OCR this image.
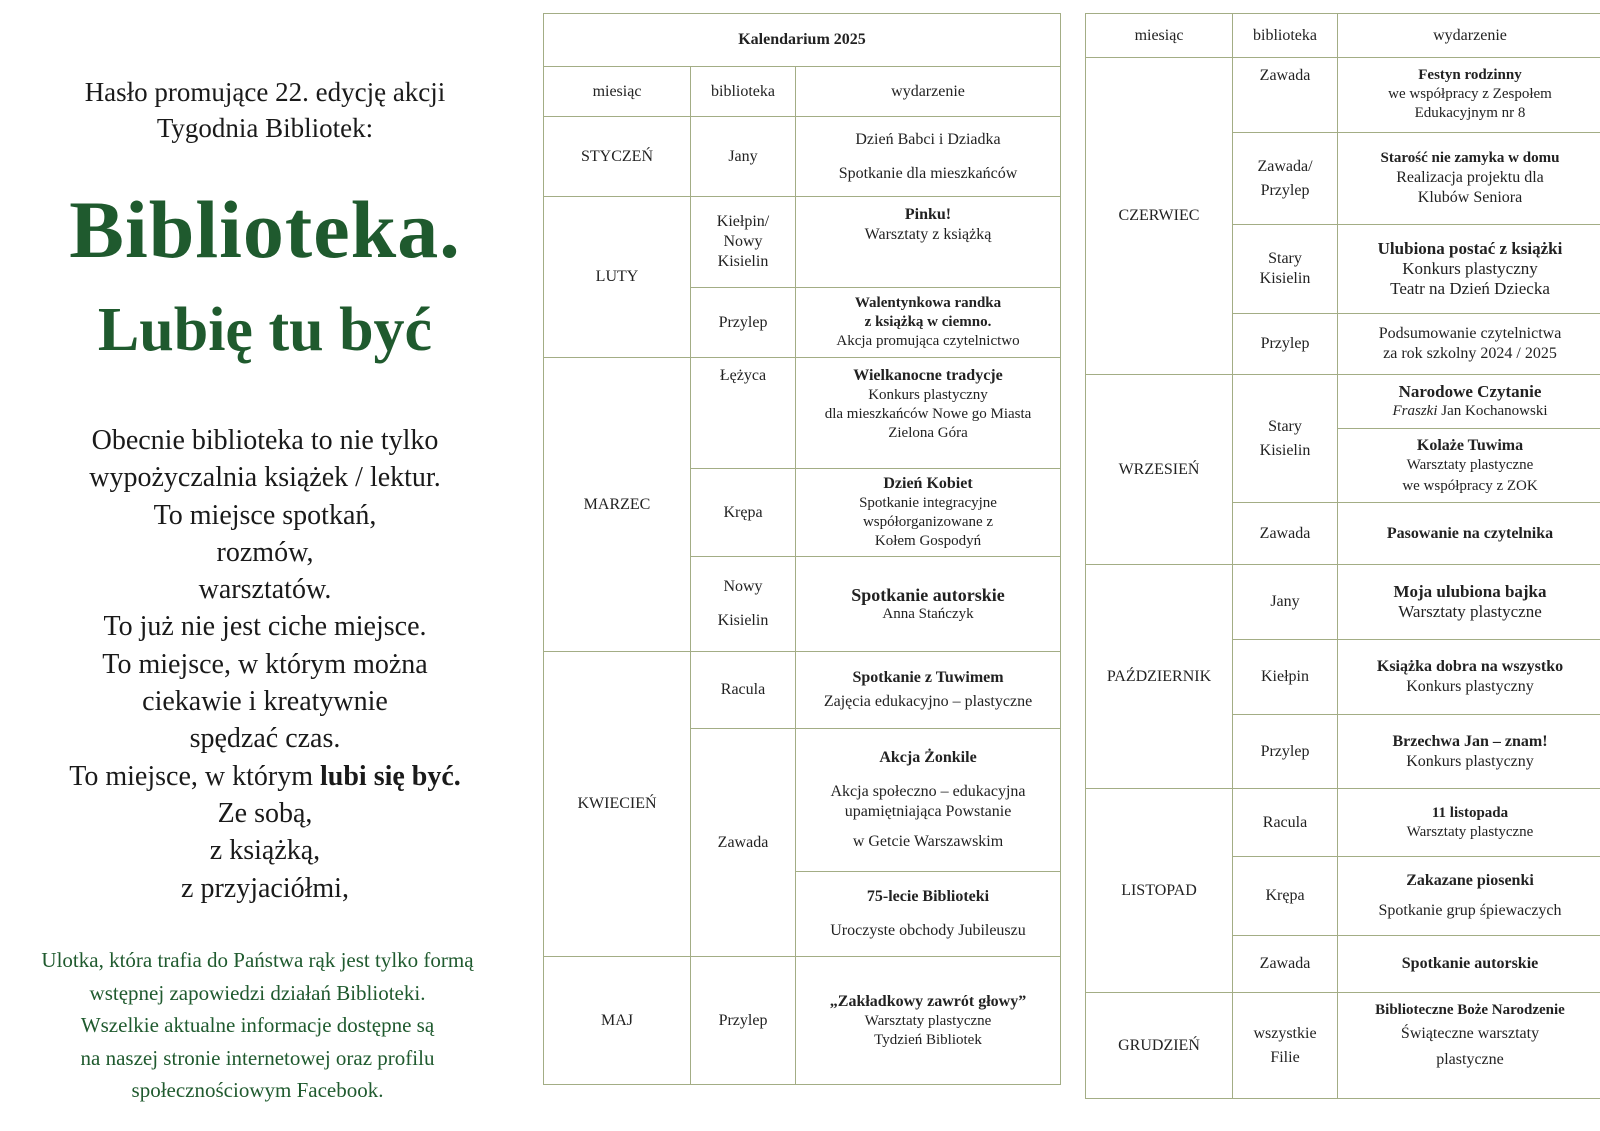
Hasło promujące 22. edycję akcji
Tygodnia Bibliotek:
Biblioteka.
Lubię tu być
Obecnie biblioteka to nie tylko
wypożyczalnia książek / lektur.
To miejsce spotkań,
rozmów,
warsztatów.
To już nie jest ciche miejsce.
To miejsce, w którym można
ciekawie i kreatywnie
spędzać czas.
To miejsce, w którym lubi się być.
Ze sobą,
z książką,
z przyjaciółmi,
Ulotka, która trafia do Państwa rąk jest tylko formą
wstępnej zapowiedzi działań Biblioteki.
Wszelkie aktualne informacje dostępne są
na naszej stronie internetowej oraz profilu
społecznościowym Facebook.
Kalendarium 2025		
miesiąc	biblioteka	wydarzenie
STYCZEŃ	Jany	Dzień Babci i Dziadka
Spotkanie dla mieszkańców

LUTY	Kiełpin/
Nowy
Kisielin	Pinku!
Warsztaty z książką

	Przylep	Walentynkowa randka
z książką w ciemno.
Akcja promująca czytelnictwo

MARZEC	Łężyca	Wielkanocne tradycje
Konkurs plastyczny
dla mieszkańców Nowe go Miasta
Zielona Góra

	Krępa	Dzień Kobiet
Spotkanie integracyjne
współorganizowane z
Kołem Gospodyń

	Nowy
Kisielin	Spotkanie autorskie
Anna Stańczyk

KWIECIEŃ	Racula	Spotkanie z Tuwimem
Zajęcia edukacyjno – plastyczne

	Zawada	Akcja Żonkile
Akcja społeczno – edukacyjna
upamiętniająca Powstanie
w Getcie Warszawskim

		75-lecie Biblioteki
Uroczyste obchody Jubileuszu

MAJ	Przylep	„Zakładkowy zawrót głowy”
Warsztaty plastyczne
Tydzień Bibliotek
miesiąc	biblioteka	wydarzenie
CZERWIEC	Zawada	Festyn rodzinny
we współpracy z Zespołem
Edukacyjnym nr 8

	Zawada/
Przylep	Starość nie zamyka w domu
Realizacja projektu dla
Klubów Seniora

	Stary
Kisielin	Ulubiona postać z książki
Konkurs plastyczny
Teatr na Dzień Dziecka

	Przylep	Podsumowanie czytelnictwa
za rok szkolny 2024 / 2025

WRZESIEŃ	Stary
Kisielin	Narodowe Czytanie
Fraszki Jan Kochanowski

		Kolaże Tuwima
Warsztaty plastyczne
we współpracy z ZOK

	Zawada	Pasowanie na czytelnika

PAŹDZIERNIK	Jany	Moja ulubiona bajka
Warsztaty plastyczne

	Kiełpin	Książka dobra na wszystko
Konkurs plastyczny

	Przylep	Brzechwa Jan – znam!
Konkurs plastyczny

LISTOPAD	Racula	11 listopada
Warsztaty plastyczne

	Krępa	Zakazane piosenki
Spotkanie grup śpiewaczych

	Zawada	Spotkanie autorskie

GRUDZIEŃ	wszystkie
Filie	Biblioteczne Boże Narodzenie
Świąteczne warsztaty
plastyczne
